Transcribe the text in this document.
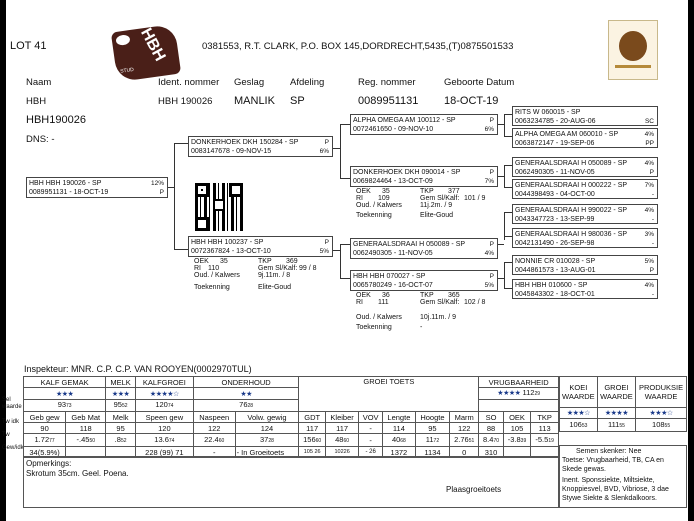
LOT 41	HBH
STUD
0381553, R.T. CLARK, P.O. BOX 145,DORDRECHT,5435,(T)0875501533
Naam	Ident. nommer Geslag	Afdeling	Reg. nommer	Geboorte Datum
HBH	HBH 190026 MANLIK SP	0089951131 18-OCT-19
HBH190026
DNS: -
HBH HBH 190026 - SP	12%

0089951131 - 18-OCT-19	P
DONKERHOEK DKH 150284 - SP	P

0083147678 - 09-NOV-15	6%
HBH HBH 100237 - SP	P

0072367824 - 13-OCT-10	5%
OEK 35	TKP 369
RI 110	Gem Sl/Kalf: 99 / 8
Oud. / Kalwers	9j.11m. / 8
Toekenning	Elite-Goud
ALPHA OMEGA AM 100112 - SP	P

0072461650 - 09-NOV-10	6%
DONKERHOEK DKH 090014 - SP	P

0069824464 - 13-OCT-09	7%
OEK 35	TKP 377
RI 109	Gem Sl/Kalf: 101 / 9
Oud. / Kalwers	11j.2m. / 9
Toekenning	Elite-Goud
GENERAALSDRAAI H 050089 - SP	P

0062490305 - 11-NOV-05	4%
HBH HBH 070027 - SP	P

0065780249 - 16-OCT-07	5%
OEK 36	TKP 365
RI 111	Gem Sl/Kalf: 102 / 8
Oud. / Kalwers	10j.11m. / 9
Toekenning	-
RITS W 060015 - SP

0063234785 - 20-AUG-06	SC
ALPHA OMEGA AM 060010 - SP	4%

0063872147 - 19-SEP-06	PP
GENERAALSDRAAI H 050089 - SP	4%

0062490305 - 11-NOV-05	P
GENERAALSDRAAI H 000222 - SP	7%

0044398493 - 04-OCT-00	-
GENERAALSDRAAI H 990022 - SP	4%

0043347723 - 13-SEP-99	-
GENERAALSDRAAI H 980036 - SP	3%

0042131490 - 26-SEP-98	-
NONNIE CR 010028 - SP	5%

0044861573 - 13-AUG-01	P
HBH HBH 010600 - SP	4%

0045843302 - 18-OCT-01	-
Inspekteur: MNR. C.P. C.P. VAN ROOYEN(0002970TUL)
Sel waarde
Tw idk
Tw
Gew/idk
KALF GEMAK		MELK	KALFGROEI	ONDERHOUD		GROEI TOETS						VRUGBAARHEID		
★★★		★★★	★★★★☆	★★								★★★★ 11229		
9373		9552	12074	7628										
Geb gew	Geb Mat	Melk	Speen gew	Naspeen	Volw. gewig	GDT	Kleiber	VOV	Lengte	Hoogte	Marm	SO	OEK	TKP
90	118	95	120	122	124	117	117	-	114	95	122	88	105	113
1.7277	-.4550	.852	13.674	22.460	3728	15660	4860	-	4068	1172	2.7651	8.470	-3.839	-5.519
34(5.9%)			228 (99) 71	-	- In Groeitoets	105 26	10226	- 26	1372	1134	0	310		
KOEI WAARDE	GROEI WAARDE	PRODUKSIE WAARDE
★★★☆	★★★★	★★★☆
10653	11155	10855
Opmerkings:
Skrotum 35cm. Geel. Poena.
Plaasgroeitoets
Semen skenker: Nee
Toetse: Vrugbaarheid, TB, CA en Skede gewas.
Inent. Sponssiekte, Miltsiekte, Knoppiesvel, BVD, Vibriose, 3 dae Stywe Siekte & Slenkdalkoors.
